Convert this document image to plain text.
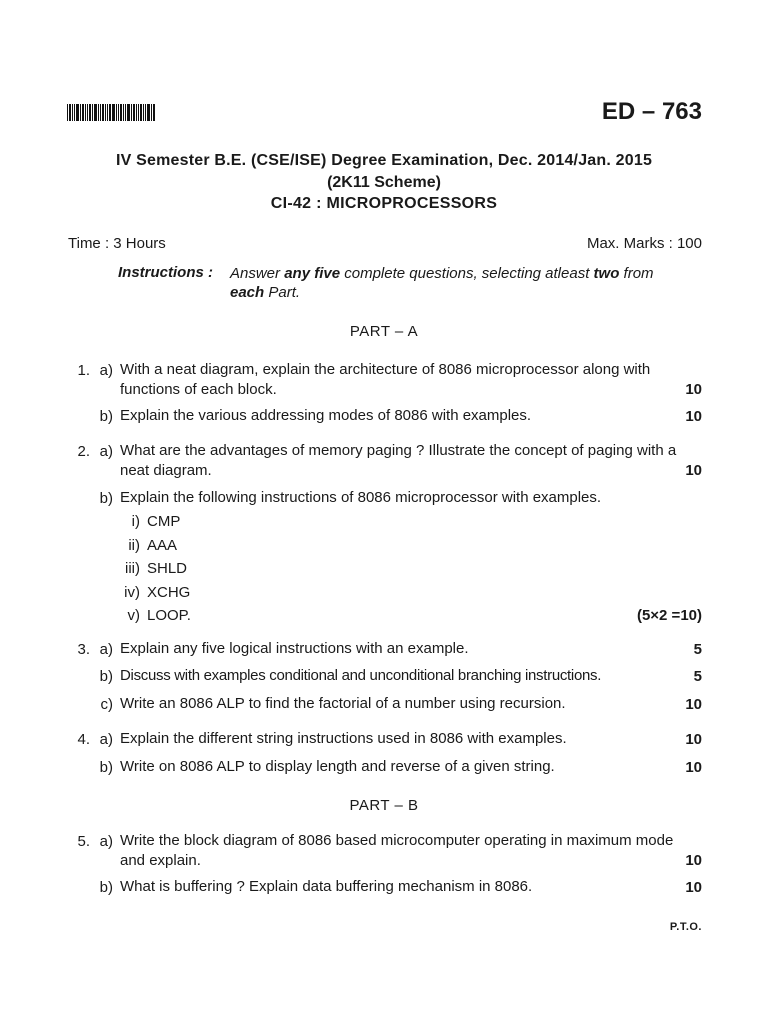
ED – 763
IV Semester B.E. (CSE/ISE) Degree Examination, Dec. 2014/Jan. 2015
(2K11 Scheme)
CI-42 : MICROPROCESSORS
Time : 3 Hours	Max. Marks : 100
Instructions : Answer any five complete questions, selecting atleast two from
each Part.
PART – A
1. a) With a neat diagram, explain the architecture of 8086 microprocessor along with functions of each block.	10
b) Explain the various addressing modes of 8086 with examples.	10
2. a) What are the advantages of memory paging ? Illustrate the concept of paging with a neat diagram.	10
b) Explain the following instructions of 8086 microprocessor with examples.
i) CMP
ii) AAA
iii) SHLD
iv) XCHG
v) LOOP.	(5×2 =10)
3. a) Explain any five logical instructions with an example.	5
b) Discuss with examples conditional and unconditional branching instructions.	5
c) Write an 8086 ALP to find the factorial of a number using recursion.	10
4. a) Explain the different string instructions used in 8086 with examples.	10
b) Write on 8086 ALP to display length and reverse of a given string.	10
PART – B
5. a) Write the block diagram of 8086 based microcomputer operating in maximum mode and explain.	10
b) What is buffering ? Explain data buffering mechanism in 8086.	10
P.T.O.
